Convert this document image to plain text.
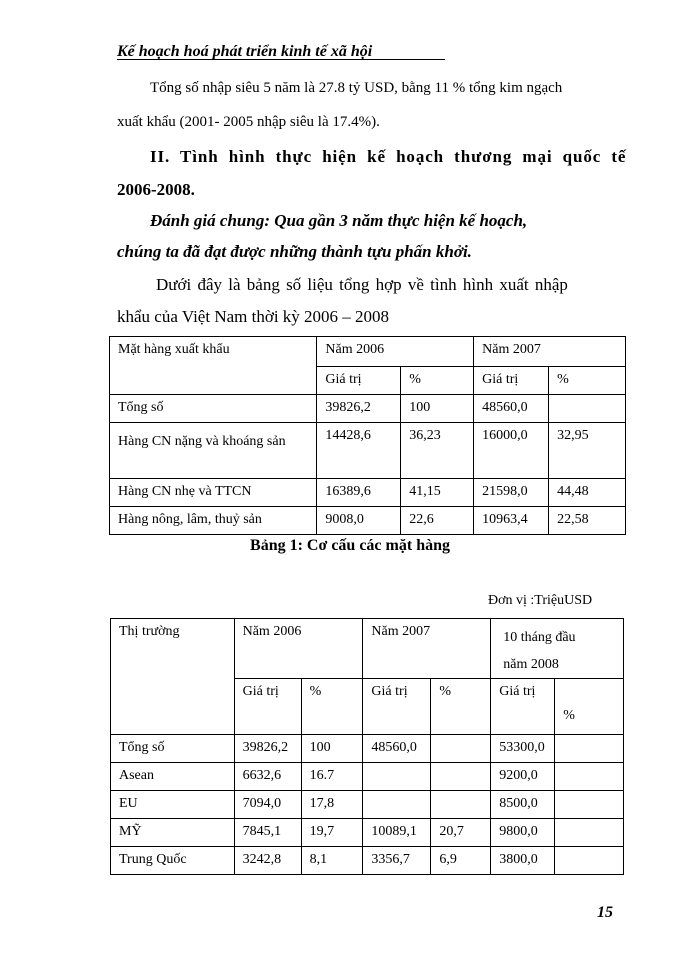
Kế hoạch hoá phát triển kinh tế xã hội
Tổng số nhập siêu 5 năm là 27.8 tỷ USD, bằng 11 % tổng kim ngạch
xuất khẩu (2001- 2005 nhập siêu là 17.4%).
II. Tình hình thực hiện kế hoạch thương mại quốc tế
2006-2008.
Đánh giá chung: Qua gần 3 năm thực hiện kế hoạch,
chúng ta đã đạt được những thành tựu phấn khởi.
Dưới đây là bảng số liệu tổng hợp về tình hình xuất nhập
khẩu của Việt Nam thời kỳ 2006 – 2008
Mặt hàng xuất khẩu	Năm 2006		Năm 2007	
	Giá trị	%	Giá trị	%
Tổng số	39826,2	100	48560,0	
Hàng CN nặng và khoáng sản	14428,6	36,23	16000,0	32,95
Hàng CN nhẹ và TTCN	16389,6	41,15	21598,0	44,48
Hàng nông, lâm, thuỷ sản	9008,0	22,6	10963,4	22,58
Bảng 1: Cơ cấu các mặt hàng
Đơn vị :TriệuUSD
Thị trường	Năm 2006		Năm 2007		10 tháng đầu
năm 2008	

	Giá trị	%	Giá trị	%	Giá trị	%
Tổng số	39826,2	100	48560,0		53300,0	
Asean	6632,6	16.7			9200,0	
EU	7094,0	17,8			8500,0	
MỸ	7845,1	19,7	10089,1	20,7	9800,0	
Trung Quốc	3242,8	8,1	3356,7	6,9	3800,0	
15
